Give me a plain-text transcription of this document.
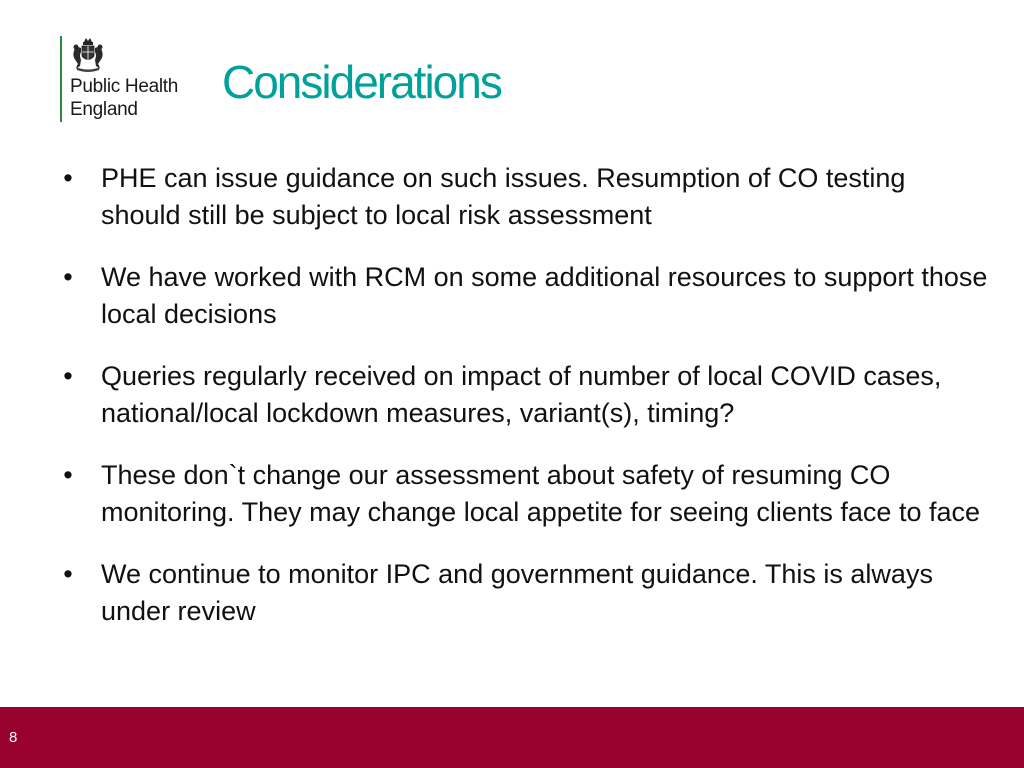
Public Health
England
Considerations
• PHE can issue guidance on such issues. Resumption of CO testing should still be subject to local risk assessment
• We have worked with RCM on some additional resources to support those local decisions
• Queries regularly received on impact of number of local COVID cases, national/local lockdown measures, variant(s), timing?
• These don`t change our assessment about safety of resuming CO monitoring. They may change local appetite for seeing clients face to face
• We continue to monitor IPC and government guidance. This is always under review
8
